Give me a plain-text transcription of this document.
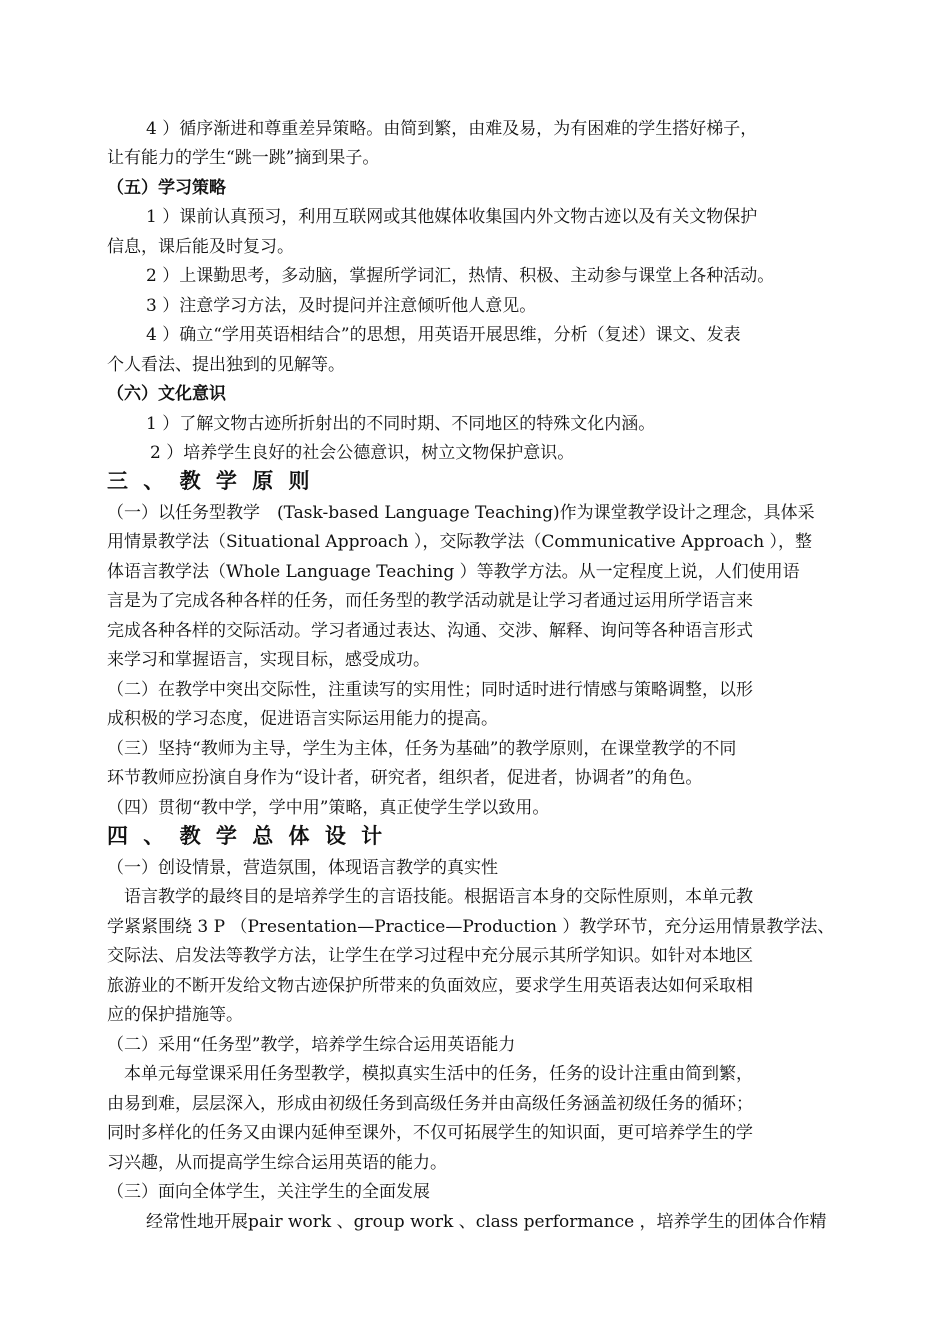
4 ）循序渐进和尊重差异策略。由简到繁，由难及易，为有困难的学生搭好梯子，
让有能力的学生“跳一跳”摘到果子。
（五）学习策略
1 ）课前认真预习，利用互联网或其他媒体收集国内外文物古迹以及有关文物保护
信息，课后能及时复习。
2 ）上课勤思考，多动脑，掌握所学词汇，热情、积极、主动参与课堂上各种活动。
3 ）注意学习方法，及时提问并注意倾听他人意见。
4 ）确立“学用英语相结合”的思想，用英语开展思维，分析（复述）课文、发表
个人看法、提出独到的见解等。
（六）文化意识
1 ）了解文物古迹所折射出的不同时期、不同地区的特殊文化内涵。
2 ）培养学生良好的社会公德意识，树立文物保护意识。
三 、 教 学 原 则
（一）以任务型教学　(Task-based Language Teaching)作为课堂教学设计之理念，具体采
用情景教学法（Situational Approach ），交际教学法（Communicative Approach ），整
体语言教学法（Whole Language Teaching ）等教学方法。从一定程度上说，人们使用语
言是为了完成各种各样的任务，而任务型的教学活动就是让学习者通过运用所学语言来
完成各种各样的交际活动。学习者通过表达、沟通、交涉、解释、询问等各种语言形式
来学习和掌握语言，实现目标，感受成功。
（二）在教学中突出交际性，注重读写的实用性；同时适时进行情感与策略调整，以形
成积极的学习态度，促进语言实际运用能力的提高。
（三）坚持“教师为主导，学生为主体，任务为基础”的教学原则，在课堂教学的不同
环节教师应扮演自身作为“设计者，研究者，组织者，促进者，协调者”的角色。
（四）贯彻“教中学，学中用”策略，真正使学生学以致用。
四 、 教 学 总 体 设 计
（一）创设情景，营造氛围，体现语言教学的真实性
语言教学的最终目的是培养学生的言语技能。根据语言本身的交际性原则，本单元教
学紧紧围绕 3 P （Presentation—Practice—Production ）教学环节，充分运用情景教学法、
交际法、启发法等教学方法，让学生在学习过程中充分展示其所学知识。如针对本地区
旅游业的不断开发给文物古迹保护所带来的负面效应，要求学生用英语表达如何采取相
应的保护措施等。
（二）采用“任务型”教学，培养学生综合运用英语能力
本单元每堂课采用任务型教学，模拟真实生活中的任务，任务的设计注重由简到繁，
由易到难，层层深入，形成由初级任务到高级任务并由高级任务涵盖初级任务的循环；
同时多样化的任务又由课内延伸至课外，不仅可拓展学生的知识面，更可培养学生的学
习兴趣，从而提高学生综合运用英语的能力。
（三）面向全体学生，关注学生的全面发展
经常性地开展pair work 、group work 、class performance ，培养学生的团体合作精
